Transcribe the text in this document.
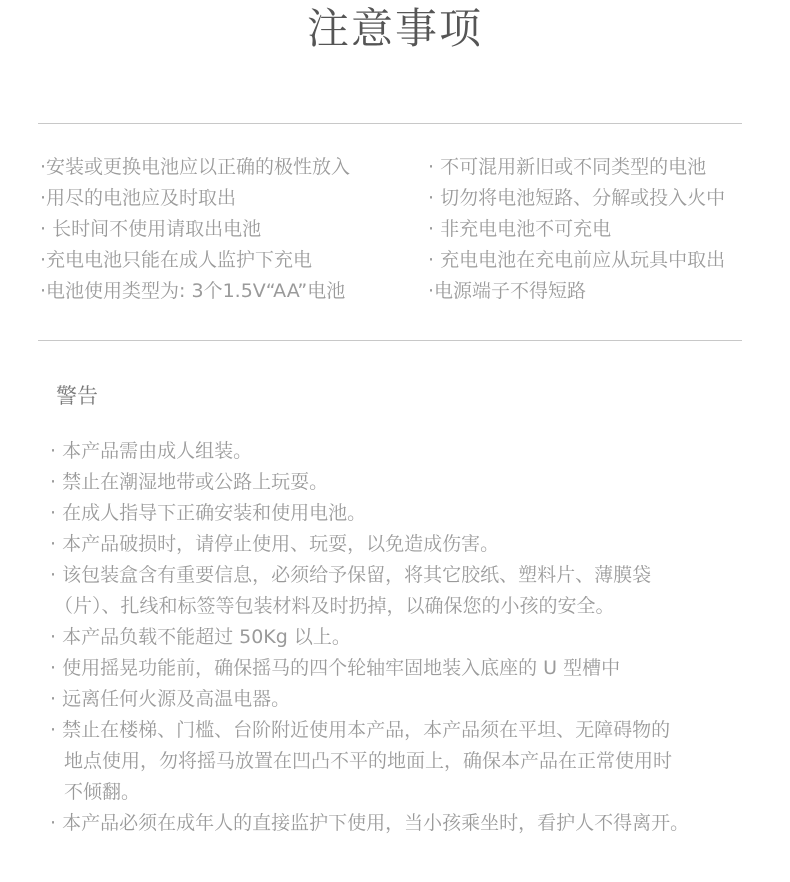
注意事项
·安装或更换电池应以正确的极性放入	· 不可混用新旧或不同类型的电池
·用尽的电池应及时取出	· 切勿将电池短路、分解或投入火中
· 长时间不使用请取出电池	· 非充电电池不可充电
·充电电池只能在成人监护下充电	· 充电电池在充电前应从玩具中取出
·电池使用类型为: 3个1.5V“AA”电池	·电源端子不得短路
警告
· 本产品需由成人组装。
· 禁止在潮湿地带或公路上玩耍。
· 在成人指导下正确安装和使用电池。
· 本产品破损时，请停止使用、玩耍，以免造成伤害。
· 该包装盒含有重要信息，必须给予保留，将其它胶纸、塑料片、薄膜袋
（片）、扎线和标签等包装材料及时扔掉，以确保您的小孩的安全。
· 本产品负载不能超过 50Kg 以上。
· 使用摇晃功能前，确保摇马的四个轮轴牢固地装入底座的 U 型槽中
· 远离任何火源及高温电器。
· 禁止在楼梯、门槛、台阶附近使用本产品，本产品须在平坦、无障碍物的
地点使用，勿将摇马放置在凹凸不平的地面上，确保本产品在正常使用时
不倾翻。
· 本产品必须在成年人的直接监护下使用，当小孩乘坐时，看护人不得离开。
